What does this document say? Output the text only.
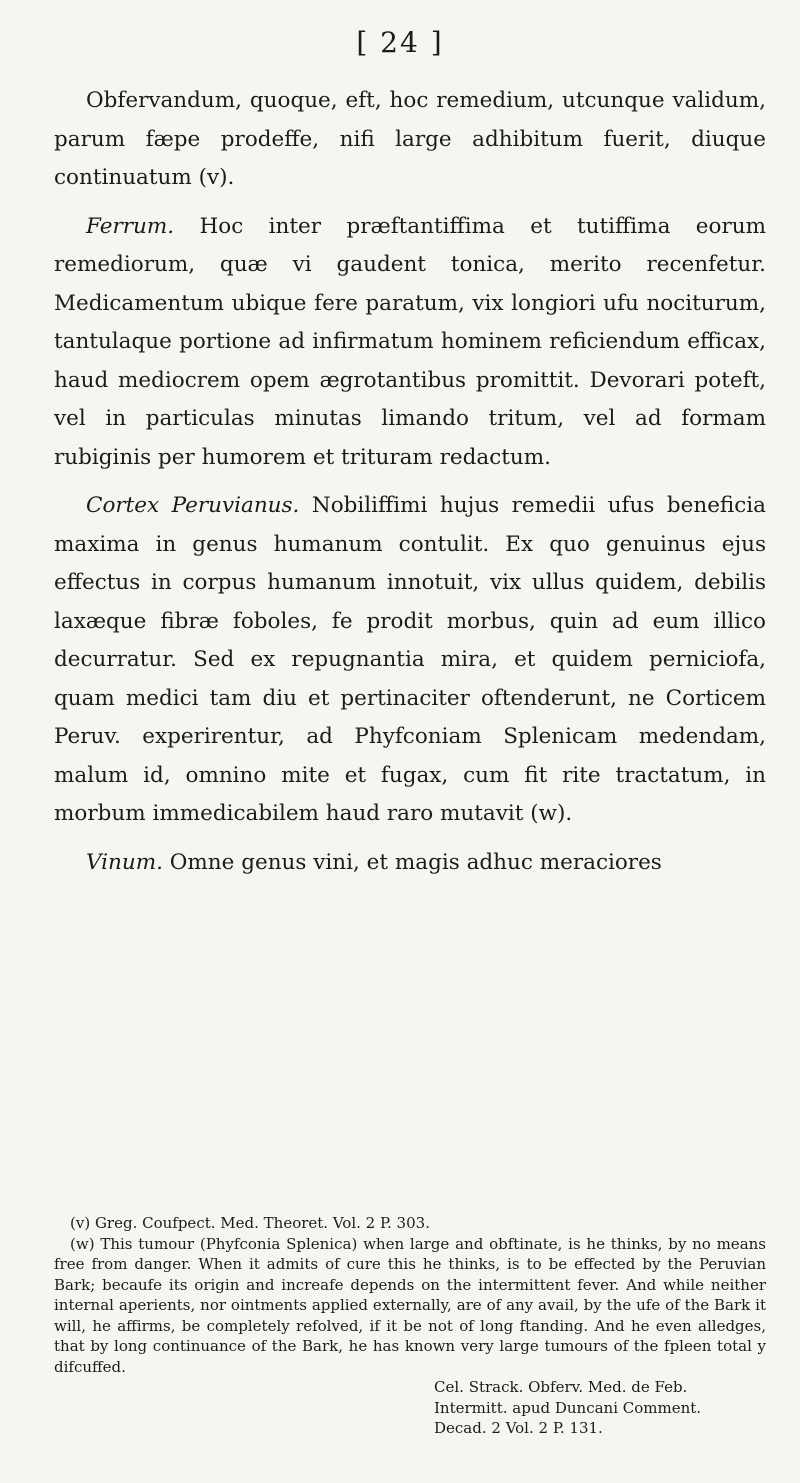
[ 24 ]

Obfervandum, quoque, eft, hoc remedium, utcunque validum, parum fæpe prodeffe, nifi large adhibitum fuerit, diuque continuatum (v).

Ferrum. Hoc inter præftantiffima et tutiffima eorum remediorum, quæ vi gaudent tonica, merito recenfetur. Medicamentum ubique fere paratum, vix longiori ufu nociturum, tantulaque portione ad infirmatum hominem reficiendum efficax, haud mediocrem opem ægrotantibus promittit. Devorari poteft, vel in particulas minutas limando tritum, vel ad formam rubiginis per humorem et trituram redactum.

Cortex Peruvianus. Nobiliffimi hujus remedii ufus beneficia maxima in genus humanum contulit. Ex quo genuinus ejus effectus in corpus humanum innotuit, vix ullus quidem, debilis laxæque fibræ foboles, fe prodit morbus, quin ad eum illico decurratur. Sed ex repugnantia mira, et quidem perniciofa, quam medici tam diu et pertinaciter oftenderunt, ne Corticem Peruv. experirentur, ad Phyfconiam Splenicam medendam, malum id, omnino mite et fugax, cum fit rite tractatum, in morbum immedicabilem haud raro mutavit (w).

Vinum. Omne genus vini, et magis adhuc meraciores

(v) Greg. Coufpect. Med. Theoret. Vol. 2 P. 303.

(w) This tumour (Phyfconia Splenica) when large and obftinate, is he thinks, by no means free from danger. When it admits of cure this he thinks, is to be effected by the Peruvian Bark; becaufe its origin and increafe depends on the intermittent fever. And while neither internal aperients, nor ointments applied externally, are of any avail, by the ufe of the Bark it will, he affirms, be completely refolved, if it be not of long ftanding. And he even alledges, that by long continuance of the Bark, he has known very large tumours of the fpleen total y difcuffed.

Cel. Strack. Obferv. Med. de Feb.

Intermitt. apud Duncani Comment.

Decad. 2 Vol. 2 P. 131.
